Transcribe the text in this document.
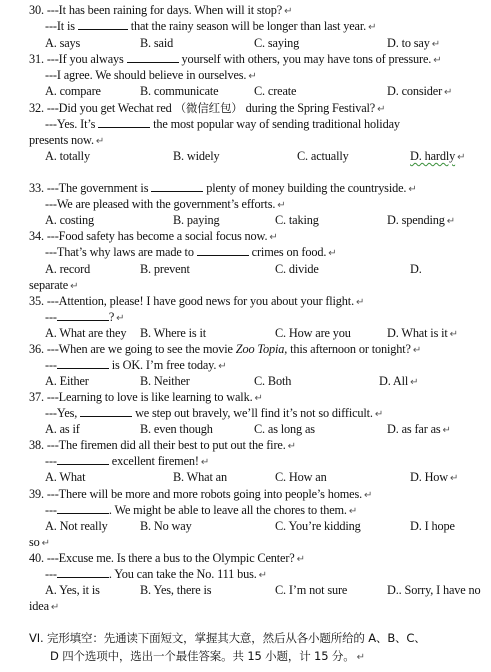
30. ---It has been raining for days. When will it stop? ↵
---It is	that the rainy season will be longer than last year. ↵
A. says	B. said	C. saying	D. to say ↵
31. ---If you always	yourself with others, you may have tons of pressure. ↵
---I agree. We should believe in ourselves. ↵
A. compare	B. communicate	C. create	D. consider ↵
32. ---Did you get Wechat red （微信红包） during the Spring Festival? ↵
---Yes. It’s	the most popular way of sending traditional holiday
presents now. ↵
A. totally	B. widely	C. actually	D. hardly ↵
33. ---The government is	plenty of money building the countryside. ↵
---We are pleased with the government’s efforts. ↵
A. costing	B. paying	C. taking	D. spending ↵
34. ---Food safety has become a social focus now. ↵
---That’s why laws are made to	crimes on food. ↵
A. record	B. prevent	C. divide	D.
separate ↵
35. ---Attention, please! I have good news for you about your flight. ↵
---	? ↵
A. What are they B. Where is it	C. How are you	D. What is it ↵
36. ---When are we going to see the movie Zoo Topia, this afternoon or tonight? ↵
---	is OK. I’m free today. ↵
A. Either	B. Neither	C. Both	D. All ↵
37. ---Learning to love is like learning to walk. ↵
---Yes,	we step out bravely, we’ll find it’s not so difficult. ↵
A. as if	B. even though	C. as long as	D. as far as ↵
38. ---The firemen did all their best to put out the fire. ↵
---	excellent firemen! ↵
A. What	B. What an	C. How an	D. How ↵
39. ---There will be more and more robots going into people’s homes. ↵
---	. We might be able to leave all the chores to them. ↵
A. Not really	B. No way	C. You’re kidding	D. I hope
so ↵
40. ---Excuse me. Is there a bus to the Olympic Center? ↵
---	. You can take the No. 111 bus. ↵
A. Yes, it is	B. Yes, there is	C. I’m not sure	D.. Sorry, I have no
idea ↵
VI. 完形填空：先通读下面短文，掌握其大意，然后从各小题所给的 A、B、C、
D 四个选项中，选出一个最佳答案。共 15 小题，计 15 分。 ↵
